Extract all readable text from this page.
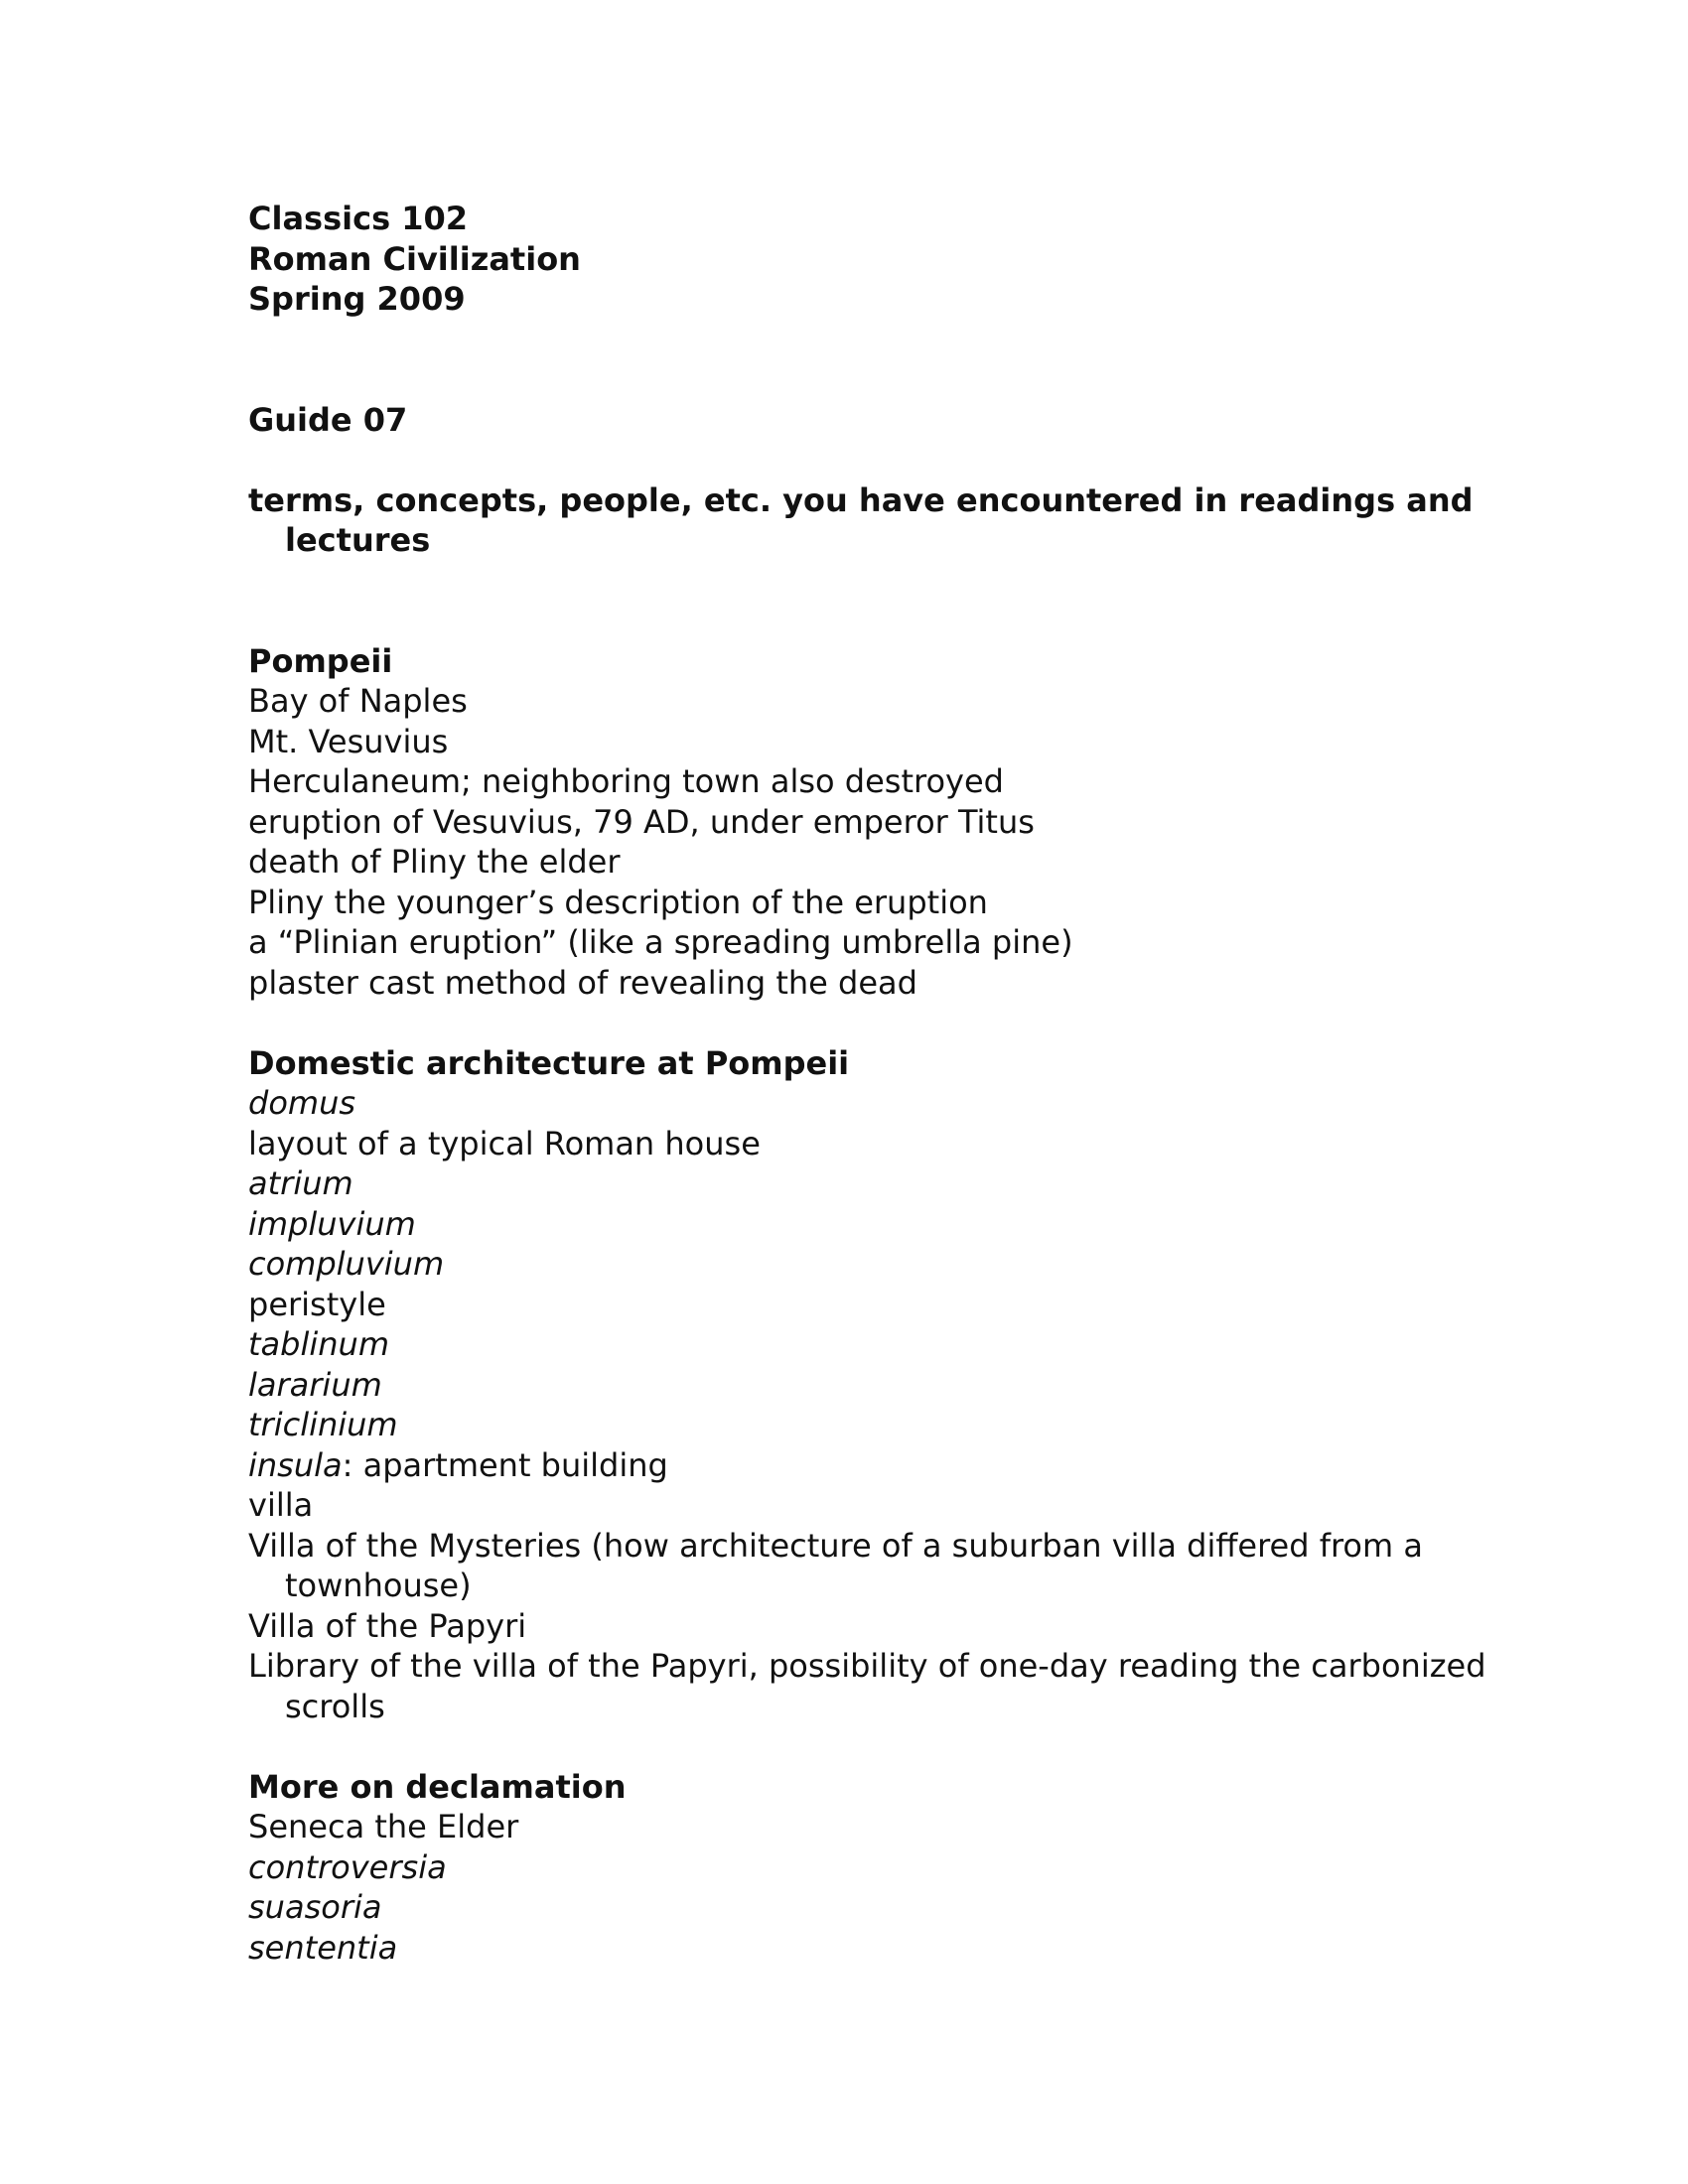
Classics 102

Roman Civilization

Spring 2009

Guide 07

terms, concepts, people, etc. you have encountered in readings and lectures

Pompeii

Bay of Naples

Mt. Vesuvius

Herculaneum; neighboring town also destroyed

eruption of Vesuvius, 79 AD, under emperor Titus

death of Pliny the elder

Pliny the younger’s description of the eruption

a “Plinian eruption” (like a spreading umbrella pine)

plaster cast method of revealing the dead

Domestic architecture at Pompeii

domus

layout of a typical Roman house

atrium

impluvium

compluvium

peristyle

tablinum

lararium

triclinium

insula: apartment building

villa

Villa of the Mysteries (how architecture of a suburban villa differed from a townhouse)

Villa of the Papyri

Library of the villa of the Papyri, possibility of one-day reading the carbonized scrolls

More on declamation

Seneca the Elder

controversia

suasoria

sententia
